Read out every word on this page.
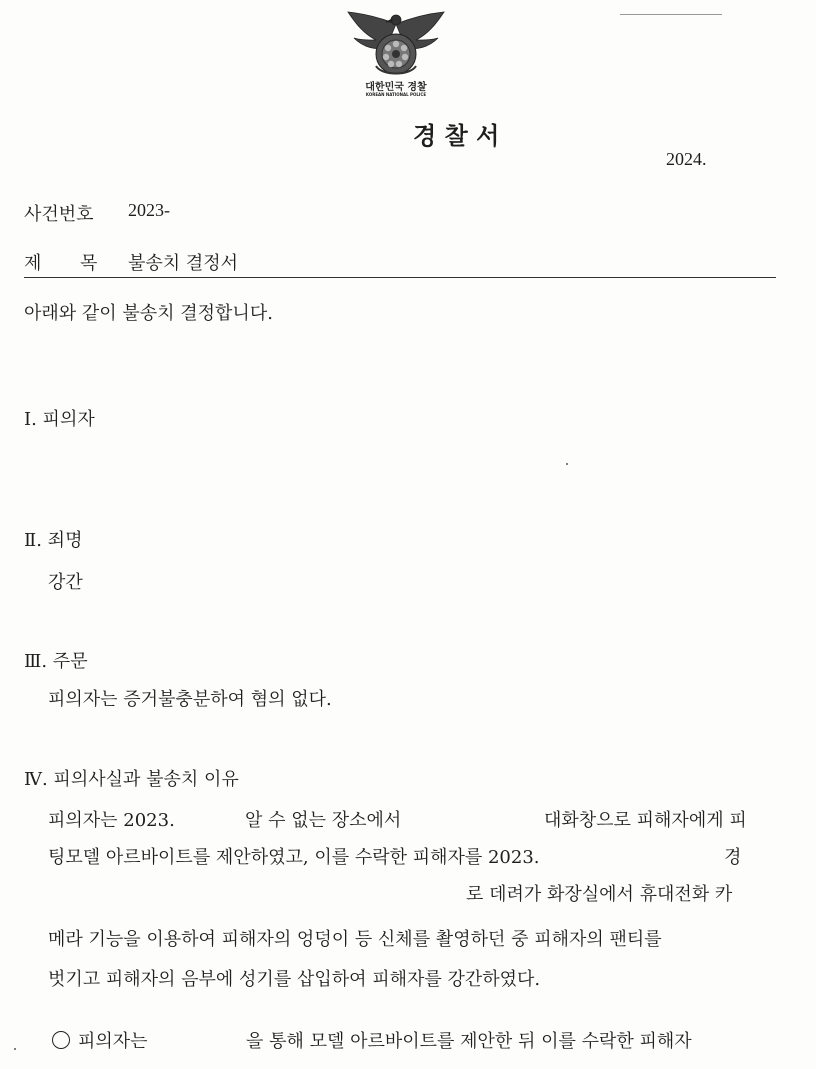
대한민국 경찰
KOREAN NATIONAL POLICE
경 찰 서
2024.
사건번호 2023-
제 목 불송치 결정서
아래와 같이 불송치 결정합니다.
Ⅰ. 피의자
Ⅱ. 죄명
강간
Ⅲ. 주문
피의자는 증거불충분하여 혐의 없다.
Ⅳ. 피의사실과 불송치 이유
피의자는 2023.	알 수 없는 장소에서	대화창으로 피해자에게 피
팅모델 아르바이트를 제안하였고, 이를 수락한 피해자를 2023.	경
로 데려가 화장실에서 휴대전화 카
메라 기능을 이용하여 피해자의 엉덩이 등 신체를 촬영하던 중 피해자의 팬티를
벗기고 피해자의 음부에 성기를 삽입하여 피해자를 강간하였다.
피의자는	을 통해 모델 아르바이트를 제안한 뒤 이를 수락한 피해자
